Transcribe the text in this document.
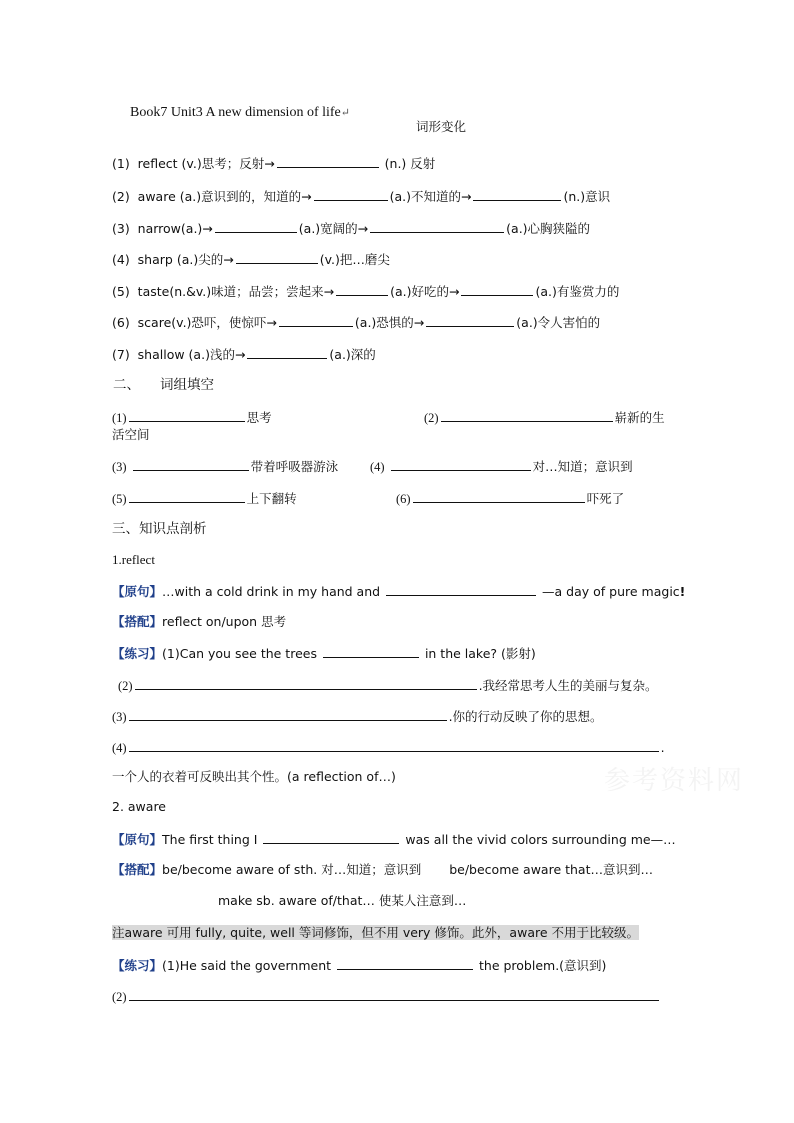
Book7 Unit3 A new dimension of life↵
词形变化
(1) reflect (v.)思考；反射→	(n.) 反射
(2) aware (a.)意识到的，知道的→	(a.)不知道的→	(n.)意识
(3) narrow(a.)→	(a.)宽阔的→	(a.)心胸狭隘的
(4) sharp (a.)尖的→	(v.)把…磨尖
(5) taste(n.&v.)味道；品尝；尝起来→	(a.)好吃的→	(a.)有鉴赏力的
(6) scare(v.)恐吓，使惊吓→	(a.)恐惧的→	(a.)令人害怕的
(7) shallow (a.)浅的→	(a.)深的
二、 词组填空
(1)	思考	(2)	崭新的生
活空间
(3)	带着呼吸器游泳	(4)	对…知道；意识到
(5)	上下翻转	(6)	吓死了
三、知识点剖析
1.reflect
【原句】…with a cold drink in my hand and	—a day of pure magic!
【搭配】reflect on/upon 思考
【练习】(1)Can you see the trees	in the lake? (影射)
(2)	.我经常思考人生的美丽与复杂。
(3)	.你的行动反映了你的思想。
(4)	.
一个人的衣着可反映出其个性。(a reflection of…)	参考资料网
2. aware
【原句】The first thing I	was all the vivid colors surrounding me—…
【搭配】be/become aware of sth. 对…知道；意识到 be/become aware that…意识到…
make sb. aware of/that… 使某人注意到…
注aware 可用 fully, quite, well 等词修饰，但不用 very 修饰。此外，aware 不用于比较级。
【练习】(1)He said the government	the problem.(意识到)
(2)
